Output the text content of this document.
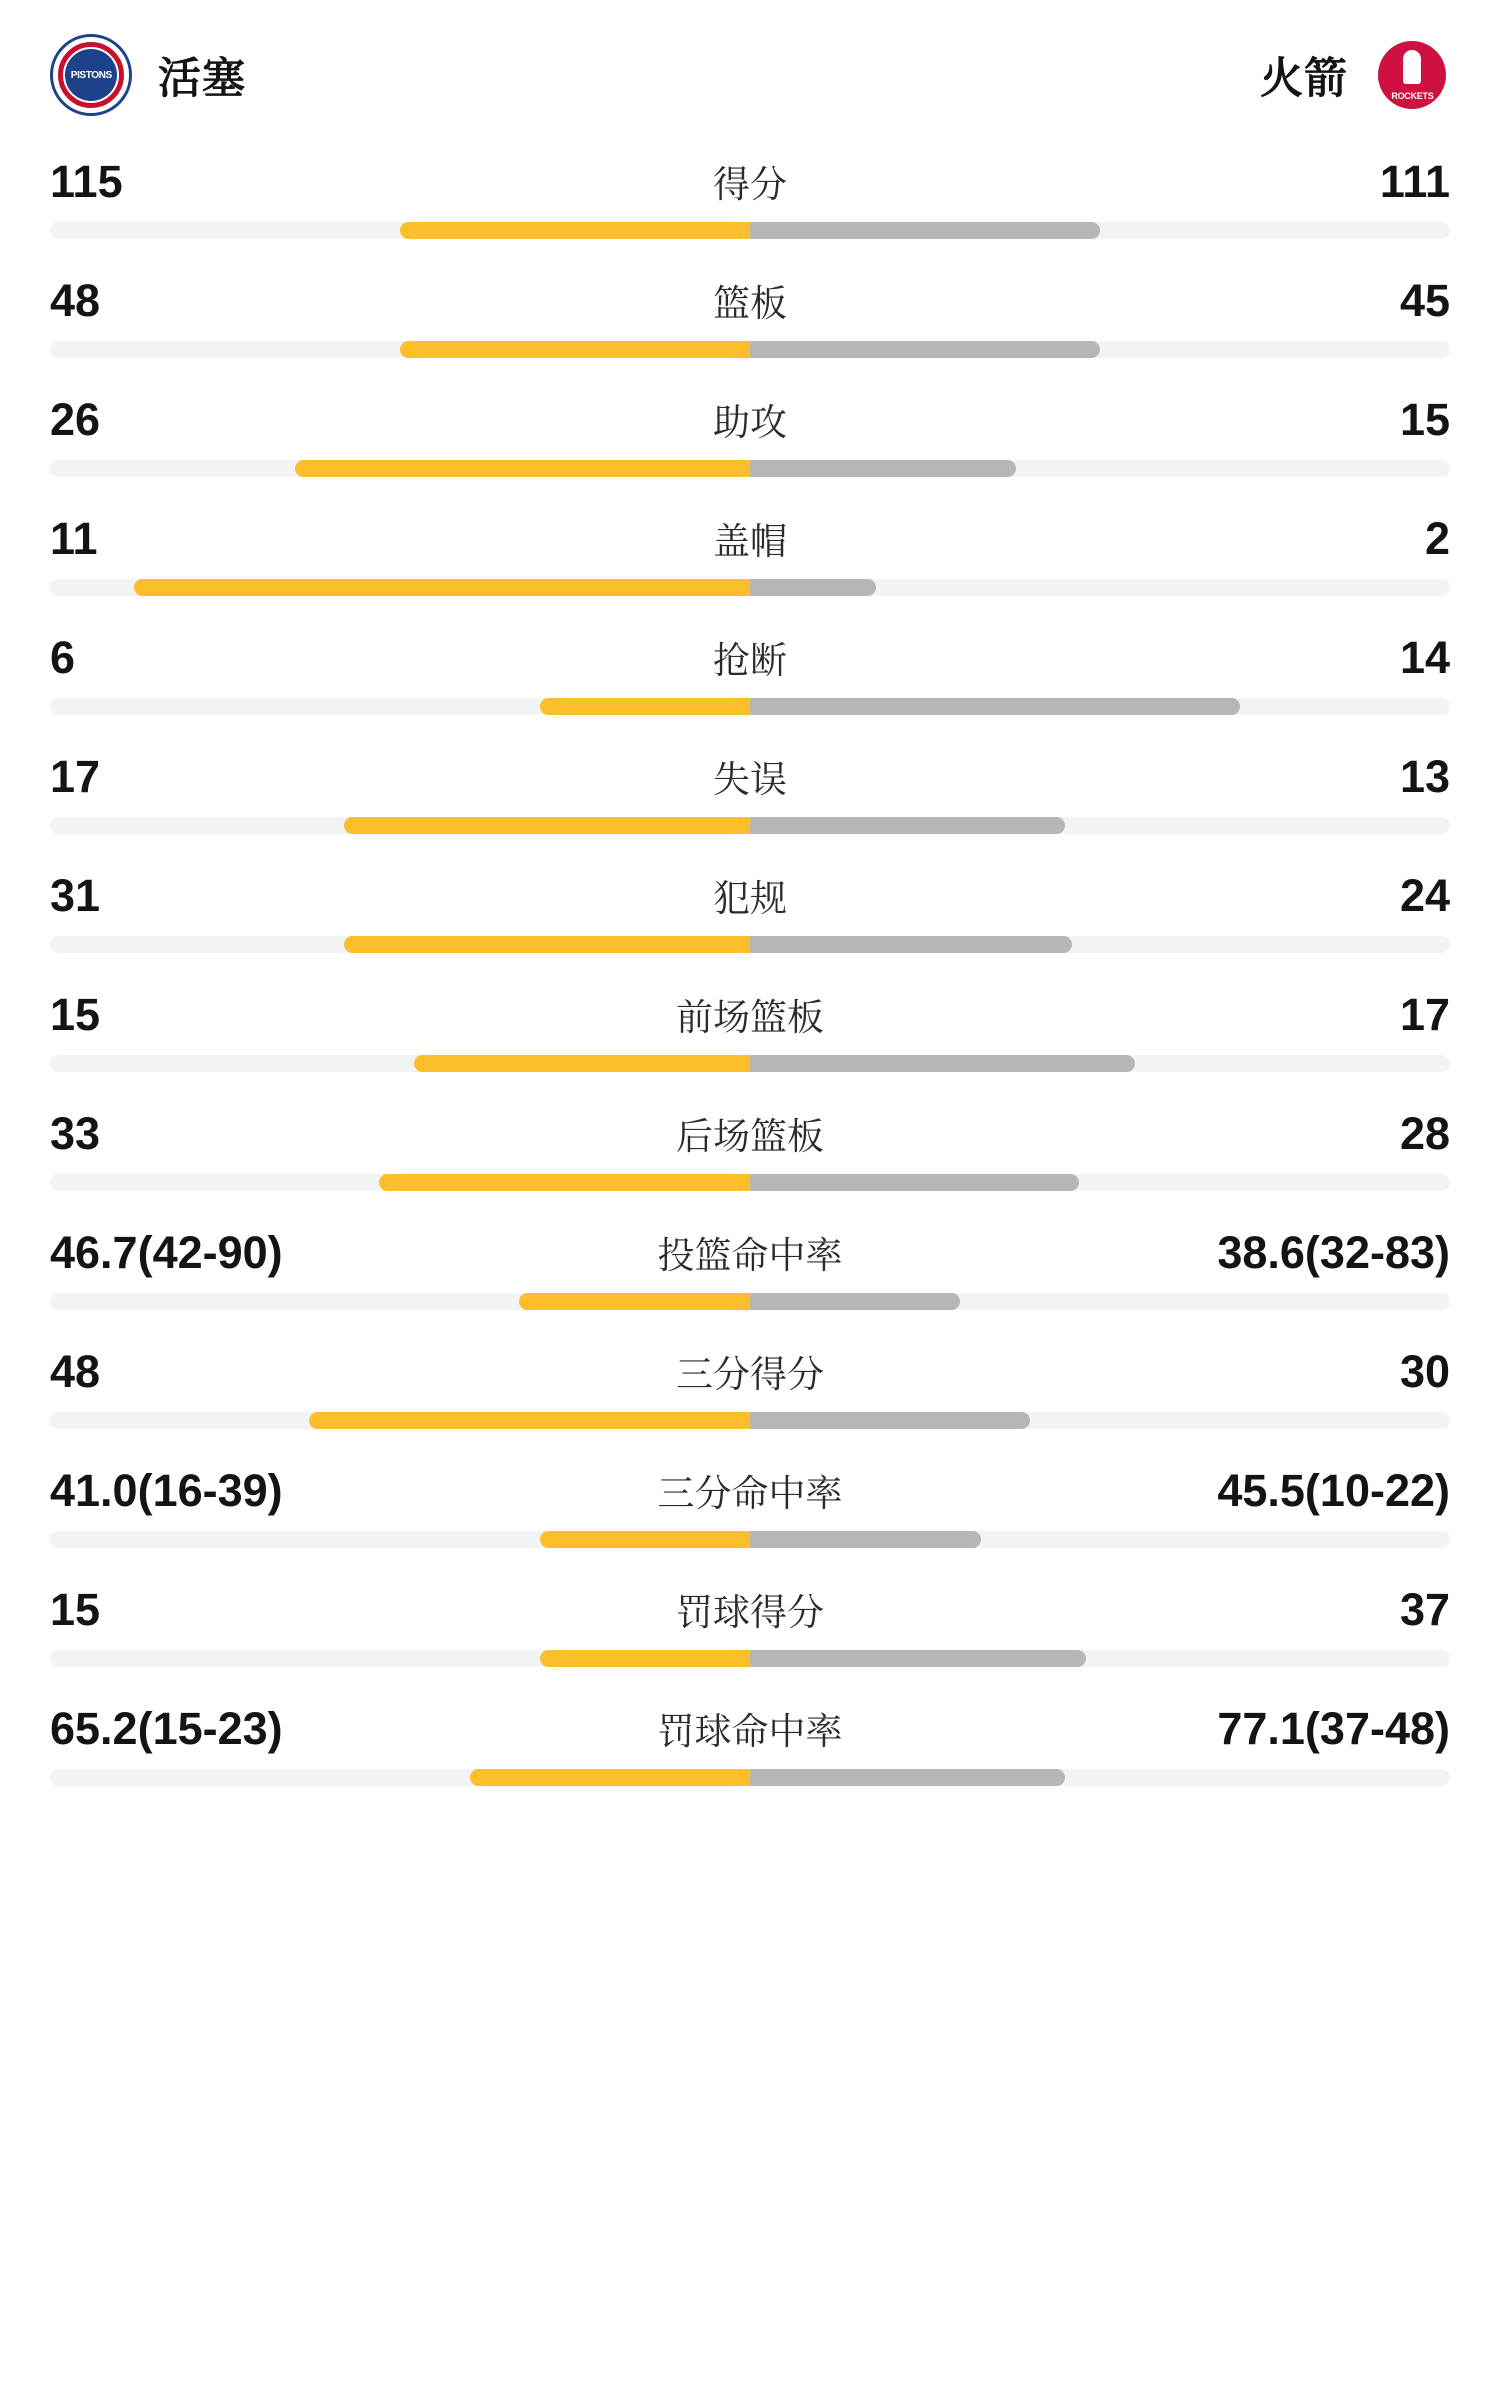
PISTONS 活塞	火箭	ROCKETS
115	得分	111
48	篮板	45
26	助攻	15
11	盖帽	2
6	抢断	14
17	失误	13
31	犯规	24
15	前场篮板	17
33	后场篮板	28
46.7(42-90)	投篮命中率	38.6(32-83)
48	三分得分	30
41.0(16-39)	三分命中率	45.5(10-22)
15	罚球得分	37
65.2(15-23)	罚球命中率	77.1(37-48)
